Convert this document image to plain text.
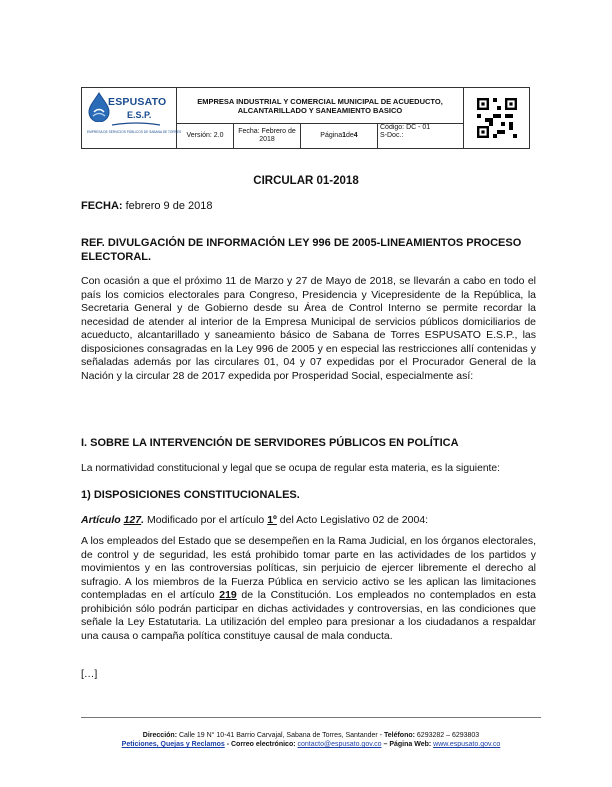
ESPUSATO
E.S.P.
EMPRESA DE SERVICIOS PÚBLICOS DE SABANA DE TORRES
EMPRESA INDUSTRIAL Y COMERCIAL MUNICIPAL DE ACUEDUCTO,
ALCANTARILLADO Y SANEAMIENTO BASICO
Versión: 2.0
Fecha: Febrero de 2018
Página 1 de 4
Código: DC - 01
S-Doc.:
CIRCULAR 01-2018
FECHA: febrero 9 de 2018
REF. DIVULGACIÓN DE INFORMACIÓN LEY 996 DE 2005-LINEAMIENTOS PROCESO ELECTORAL.
Con ocasión a que el próximo 11 de Marzo y 27 de Mayo de 2018, se llevarán a cabo en todo el país los comicios electorales para Congreso, Presidencia y Vicepresidente de la República, la Secretaria General y de Gobierno desde su Área de Control Interno se permite recordar la necesidad de atender al interior de la Empresa Municipal de servicios públicos domiciliarios de acueducto, alcantarillado y saneamiento básico de Sabana de Torres ESPUSATO E.S.P., las disposiciones consagradas en la Ley 996 de 2005 y en especial las restricciones allí contenidas y señaladas además por las circulares 01, 04 y 07 expedidas por el Procurador General de la Nación y la circular 28 de 2017 expedida por Prosperidad Social, especialmente así:
I. SOBRE LA INTERVENCIÓN DE SERVIDORES PÚBLICOS EN POLÍTICA
La normatividad constitucional y legal que se ocupa de regular esta materia, es la siguiente:
1) DISPOSICIONES CONSTITUCIONALES.
Artículo 127. Modificado por el artículo 1º del Acto Legislativo 02 de 2004:
A los empleados del Estado que se desempeñen en la Rama Judicial, en los órganos electorales, de control y de seguridad, les está prohibido tomar parte en las actividades de los partidos y movimientos y en las controversias políticas, sin perjuicio de ejercer libremente el derecho al sufragio. A los miembros de la Fuerza Pública en servicio activo se les aplican las limitaciones contempladas en el artículo 219 de la Constitución. Los empleados no contemplados en esta prohibición sólo podrán participar en dichas actividades y controversias, en las condiciones que señale la Ley Estatutaria. La utilización del empleo para presionar a los ciudadanos a respaldar una causa o campaña política constituye causal de mala conducta.
[…]
Dirección: Calle 19 N° 10-41 Barrio Carvajal, Sabana de Torres, Santander - Teléfono: 6293282 – 6293803
Peticiones, Quejas y Reclamos - Correo electrónico: contacto@espusato.gov.co – Página Web: www.espusato.gov.co
